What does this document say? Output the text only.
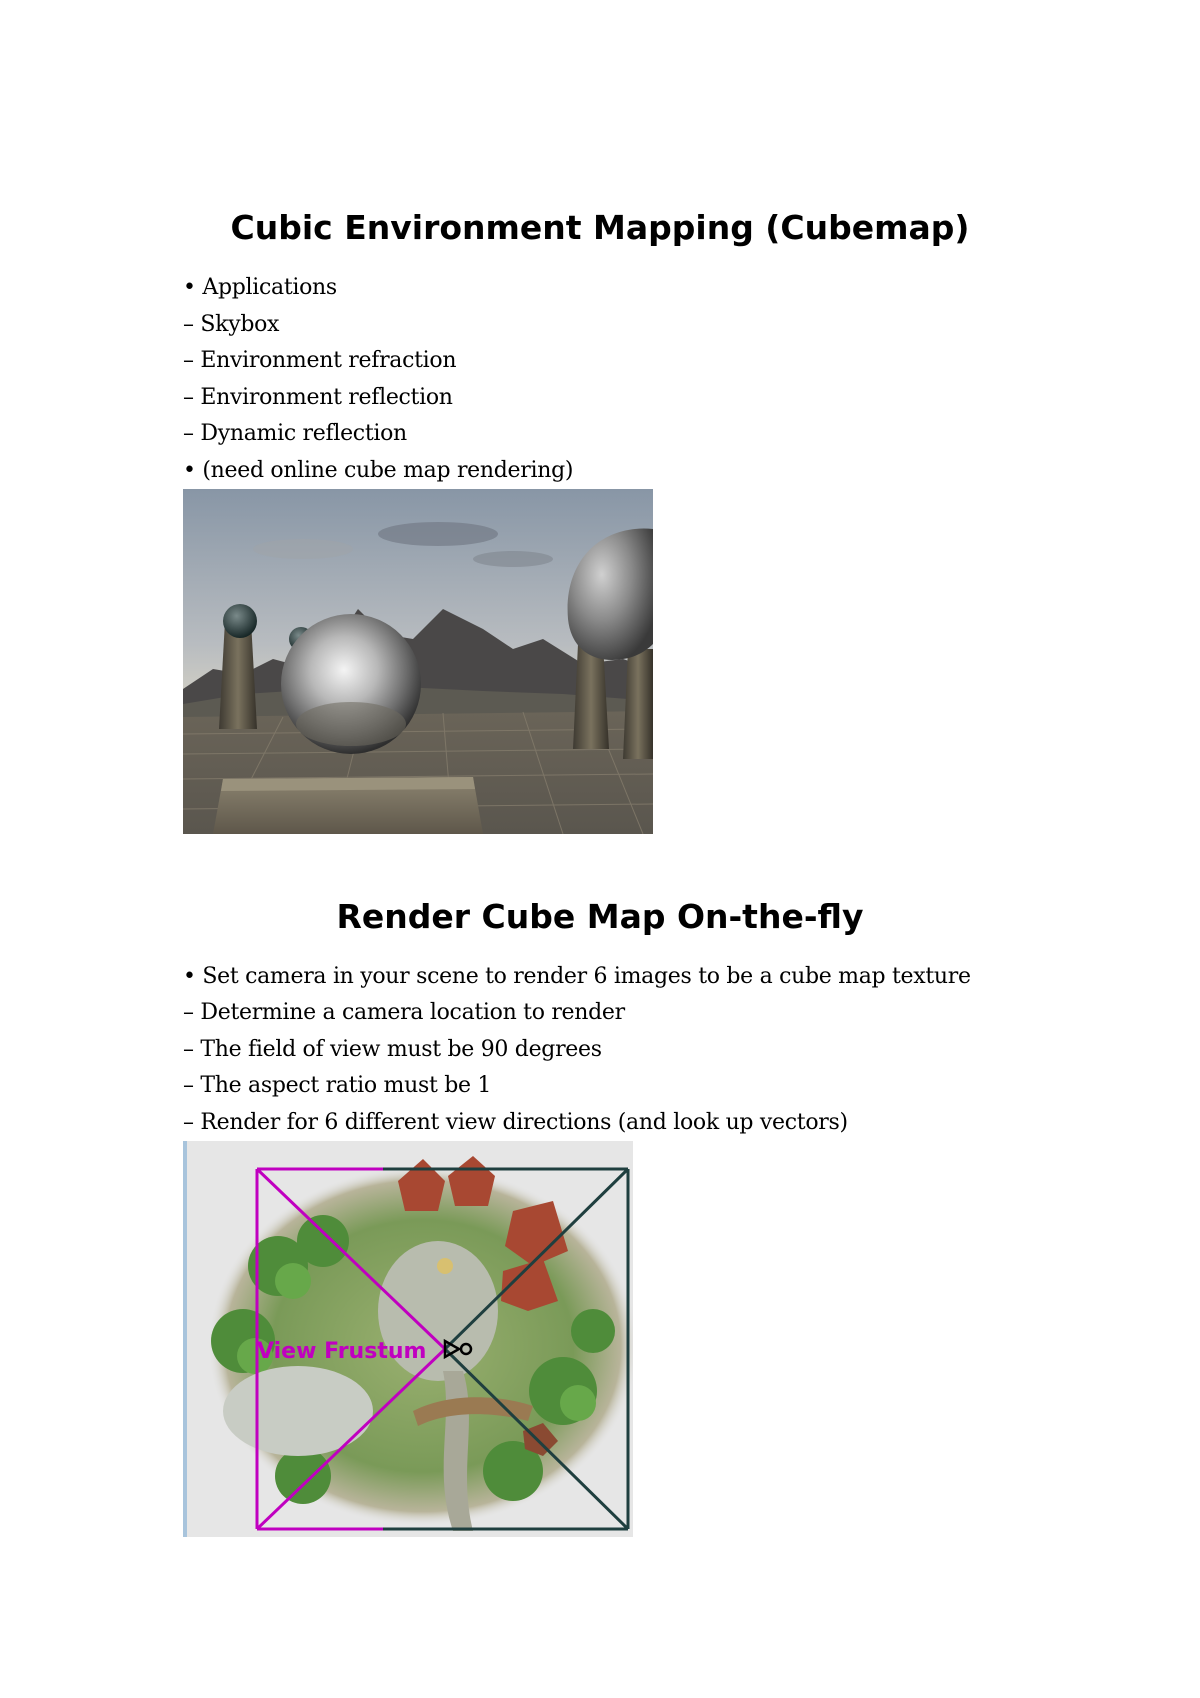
Cubic Environment Mapping (Cubemap)

• Applications

– Skybox

– Environment refraction

– Environment reflection

– Dynamic reflection

• (need online cube map rendering)

Render Cube Map On-the-fly

• Set camera in your scene to render 6 images to be a cube map texture

– Determine a camera location to render

– The field of view must be 90 degrees

– The aspect ratio must be 1

– Render for 6 different view directions (and look up vectors)

View Frustum
